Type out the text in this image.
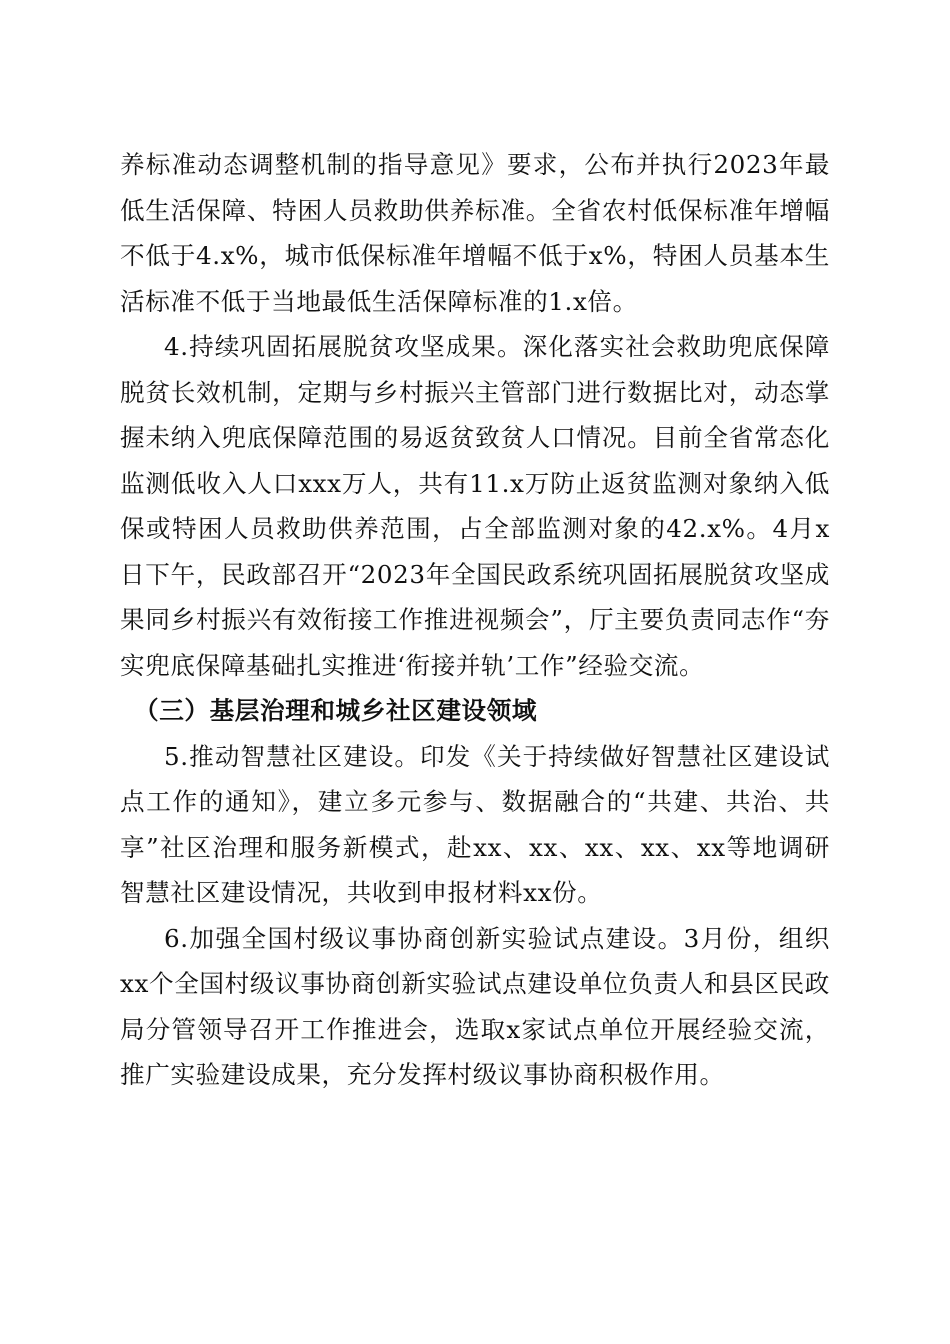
养标准动态调整机制的指导意见》要求，公布并执行2023年最低生活保障、特困人员救助供养标准。全省农村低保标准年增幅不低于4.x%，城市低保标准年增幅不低于x%，特困人员基本生活标准不低于当地最低生活保障标准的1.x倍。

4.持续巩固拓展脱贫攻坚成果。深化落实社会救助兜底保障脱贫长效机制，定期与乡村振兴主管部门进行数据比对，动态掌握未纳入兜底保障范围的易返贫致贫人口情况。目前全省常态化监测低收入人口xxx万人，共有11.x万防止返贫监测对象纳入低保或特困人员救助供养范围，占全部监测对象的42.x%。4月x日下午，民政部召开“2023年全国民政系统巩固拓展脱贫攻坚成果同乡村振兴有效衔接工作推进视频会”，厅主要负责同志作“夯实兜底保障基础扎实推进‘衔接并轨’工作”经验交流。

（三）基层治理和城乡社区建设领域

5.推动智慧社区建设。印发《关于持续做好智慧社区建设试点工作的通知》，建立多元参与、数据融合的“共建、共治、共享”社区治理和服务新模式，赴xx、xx、xx、xx、xx等地调研智慧社区建设情况，共收到申报材料xx份。

6.加强全国村级议事协商创新实验试点建设。3月份，组织xx个全国村级议事协商创新实验试点建设单位负责人和县区民政局分管领导召开工作推进会，选取x家试点单位开展经验交流，推广实验建设成果，充分发挥村级议事协商积极作用。
